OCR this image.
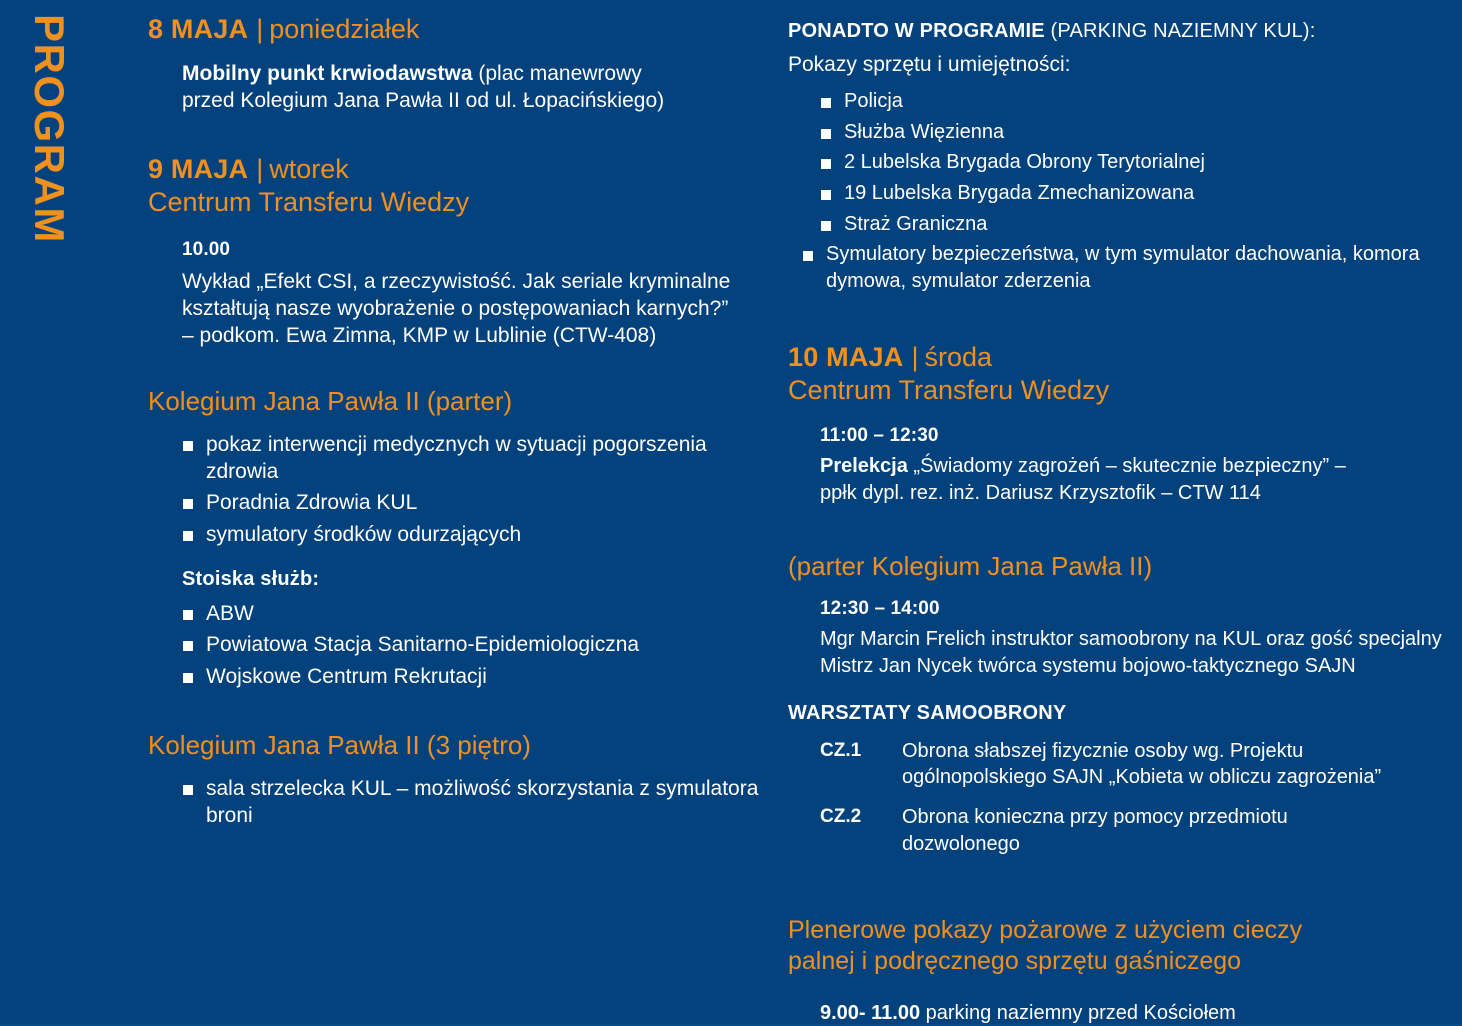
PROGRAM	8 MAJA | poniedziałek

Mobilny punkt krwiodawstwa (plac manewrowy

przed Kolegium Jana Pawła II od ul. Łopacińskiego)

9 MAJA | wtorek

Centrum Transferu Wiedzy

10.00

Wykład „Efekt CSI, a rzeczywistość. Jak seriale kryminalne

kształtują nasze wyobrażenie o postępowaniach karnych?”

– podkom. Ewa Zimna, KMP w Lublinie (CTW-408)

Kolegium Jana Pawła II (parter)

pokaz interwencji medycznych w sytuacji pogorszenia zdrowia
Poradnia Zdrowia KUL
symulatory środków odurzających

Stoiska służb:

ABW
Powiatowa Stacja Sanitarno-Epidemiologiczna
Wojskowe Centrum Rekrutacji

Kolegium Jana Pawła II (3 piętro)

sala strzelecka KUL – możliwość skorzystania z symulatora broni

PONADTO W PROGRAMIE (PARKING NAZIEMNY KUL):

Pokazy sprzętu i umiejętności:

Policja
Służba Więzienna
2 Lubelska Brygada Obrony Terytorialnej
19 Lubelska Brygada Zmechanizowana
Straż Graniczna
Symulatory bezpieczeństwa, w tym symulator dachowania, komora dymowa, symulator zderzenia

10 MAJA | środa

Centrum Transferu Wiedzy

11:00 – 12:30

Prelekcja „Świadomy zagrożeń – skutecznie bezpieczny” –

ppłk dypl. rez. inż. Dariusz Krzysztofik – CTW 114

(parter Kolegium Jana Pawła II)

12:30 – 14:00

Mgr Marcin Frelich instruktor samoobrony na KUL oraz gość specjalny

Mistrz Jan Nycek twórca systemu bojowo-taktycznego SAJN

WARSZTATY SAMOOBRONY

CZ.1	Obrona słabszej fizycznie osoby wg. Projektu
ogólnopolskiego SAJN „Kobieta w obliczu zagrożenia”
CZ.2	Obrona konieczna przy pomocy przedmiotu
dozwolonego

Plenerowe pokazy pożarowe z użyciem cieczy

palnej i podręcznego sprzętu gaśniczego

9.00- 11.00 parking naziemny przed Kościołem
